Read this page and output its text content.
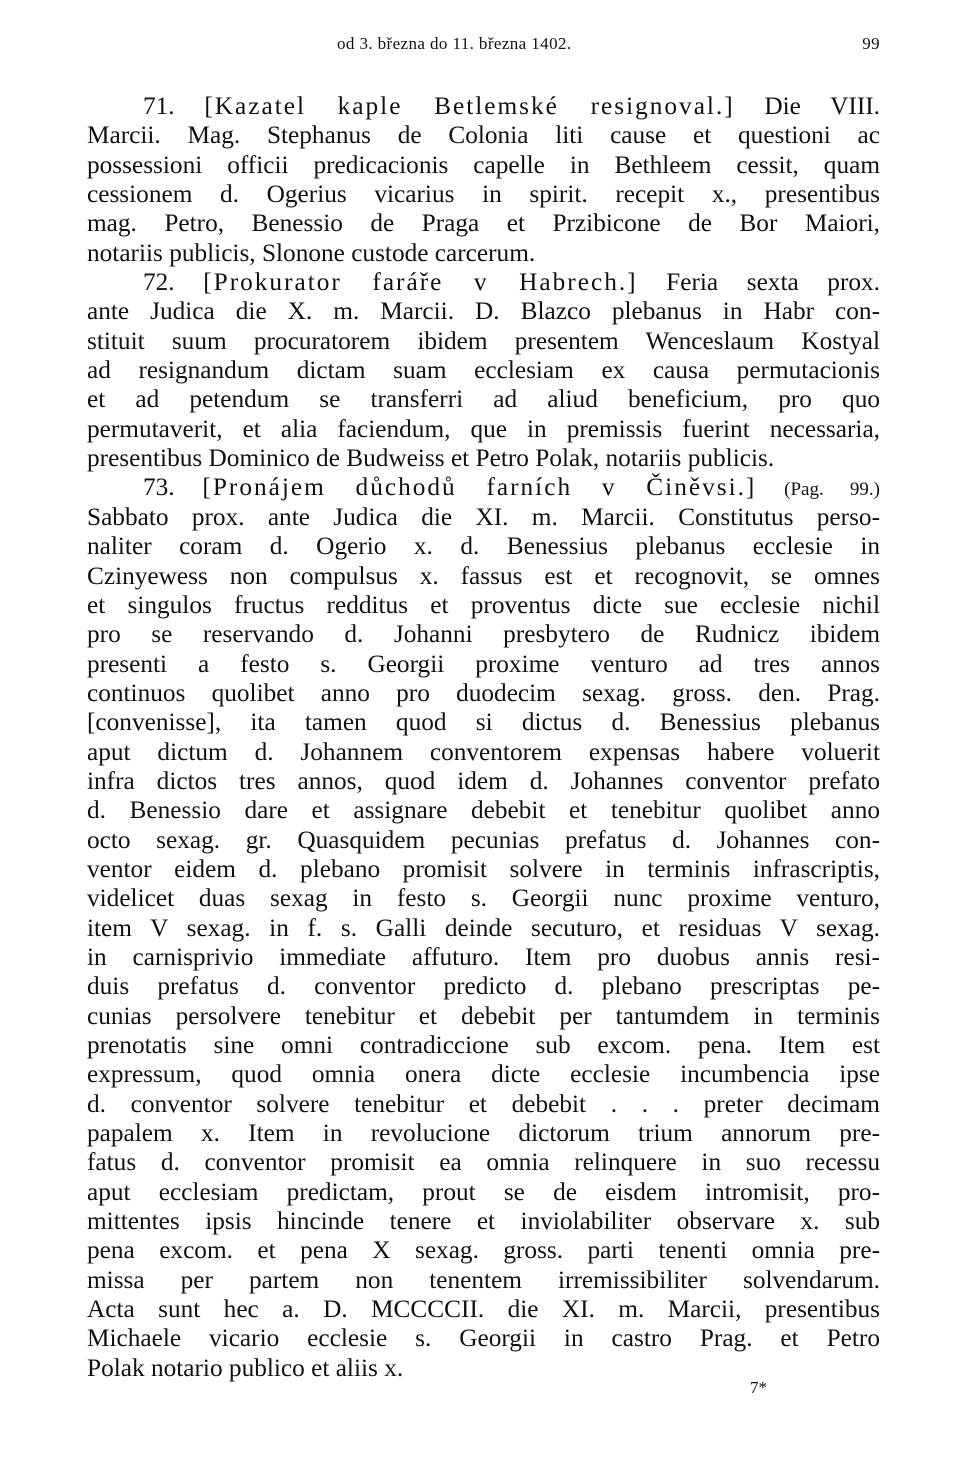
od 3. března do 11. března 1402.	99
71. [Kazatel kaple Betlemské resignoval.] Die VIII.
Marcii. Mag. Stephanus de Colonia liti cause et questioni ac
possessioni officii predicacionis capelle in Bethleem cessit, quam
cessionem d. Ogerius vicarius in spirit. recepit x., presentibus
mag. Petro, Benessio de Praga et Przibicone de Bor Maiori,
notariis publicis, Slonone custode carcerum.
72. [Prokurator faráře v Habrech.] Feria sexta prox.
ante Judica die X. m. Marcii. D. Blazco plebanus in Habr con-
stituit suum procuratorem ibidem presentem Wenceslaum Kostyal
ad resignandum dictam suam ecclesiam ex causa permutacionis
et ad petendum se transferri ad aliud beneficium, pro quo
permutaverit, et alia faciendum, que in premissis fuerint necessaria,
presentibus Dominico de Budweiss et Petro Polak, notariis publicis.
73. [Pronájem důchodů farních v Činěvsi.] (Pag. 99.)
Sabbato prox. ante Judica die XI. m. Marcii. Constitutus perso-
naliter coram d. Ogerio x. d. Benessius plebanus ecclesie in
Czinyewess non compulsus x. fassus est et recognovit, se omnes
et singulos fructus redditus et proventus dicte sue ecclesie nichil
pro se reservando d. Johanni presbytero de Rudnicz ibidem
presenti a festo s. Georgii proxime venturo ad tres annos
continuos quolibet anno pro duodecim sexag. gross. den. Prag.
[convenisse], ita tamen quod si dictus d. Benessius plebanus
aput dictum d. Johannem conventorem expensas habere voluerit
infra dictos tres annos, quod idem d. Johannes conventor prefato
d. Benessio dare et assignare debebit et tenebitur quolibet anno
octo sexag. gr. Quasquidem pecunias prefatus d. Johannes con-
ventor eidem d. plebano promisit solvere in terminis infrascriptis,
videlicet duas sexag in festo s. Georgii nunc proxime venturo,
item V sexag. in f. s. Galli deinde secuturo, et residuas V sexag.
in carnisprivio immediate affuturo. Item pro duobus annis resi-
duis prefatus d. conventor predicto d. plebano prescriptas pe-
cunias persolvere tenebitur et debebit per tantumdem in terminis
prenotatis sine omni contradiccione sub excom. pena. Item est
expressum, quod omnia onera dicte ecclesie incumbencia ipse
d. conventor solvere tenebitur et debebit . . . preter decimam
papalem x. Item in revolucione dictorum trium annorum pre-
fatus d. conventor promisit ea omnia relinquere in suo recessu
aput ecclesiam predictam, prout se de eisdem intromisit, pro-
mittentes ipsis hincinde tenere et inviolabiliter observare x. sub
pena excom. et pena X sexag. gross. parti tenenti omnia pre-
missa per partem non tenentem irremissibiliter solvendarum.
Acta sunt hec a. D. MCCCCII. die XI. m. Marcii, presentibus
Michaele vicario ecclesie s. Georgii in castro Prag. et Petro
Polak notario publico et aliis x.
7*
